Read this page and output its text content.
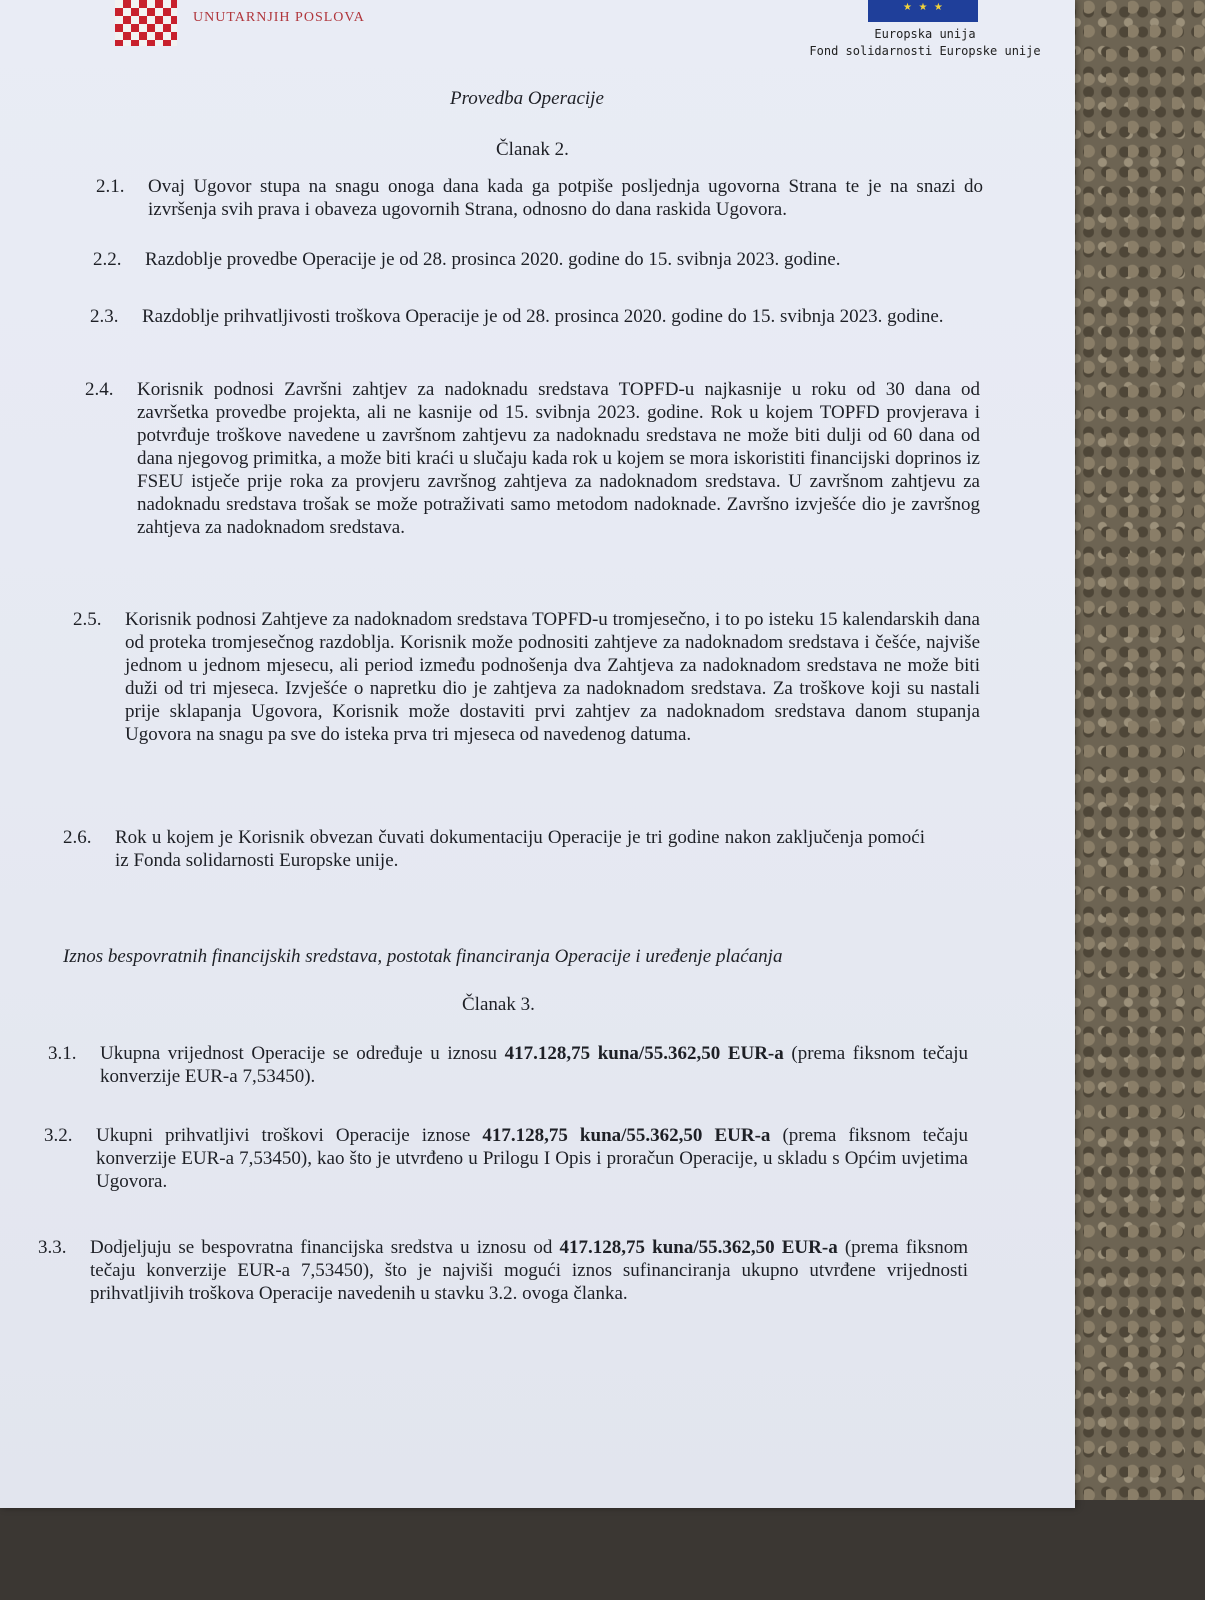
UNUTARNJIH POSLOVA
★ ★ ★
Europska unija
Fond solidarnosti Europske unije
Provedba Operacije
Članak 2.
2.1. Ovaj Ugovor stupa na snagu onoga dana kada ga potpiše posljednja ugovorna Strana te je na snazi do izvršenja svih prava i obaveza ugovornih Strana, odnosno do dana raskida Ugovora.
2.2. Razdoblje provedbe Operacije je od 28. prosinca 2020. godine do 15. svibnja 2023. godine.
2.3. Razdoblje prihvatljivosti troškova Operacije je od 28. prosinca 2020. godine do 15. svibnja 2023. godine.
2.4. Korisnik podnosi Završni zahtjev za nadoknadu sredstava TOPFD-u najkasnije u roku od 30 dana od završetka provedbe projekta, ali ne kasnije od 15. svibnja 2023. godine. Rok u kojem TOPFD provjerava i potvrđuje troškove navedene u završnom zahtjevu za nadoknadu sredstava ne može biti dulji od 60 dana od dana njegovog primitka, a može biti kraći u slučaju kada rok u kojem se mora iskoristiti financijski doprinos iz FSEU istječe prije roka za provjeru završnog zahtjeva za nadoknadom sredstava. U završnom zahtjevu za nadoknadu sredstava trošak se može potraživati samo metodom nadoknade. Završno izvješće dio je završnog zahtjeva za nadoknadom sredstava.
2.5. Korisnik podnosi Zahtjeve za nadoknadom sredstava TOPFD-u tromjesečno, i to po isteku 15 kalendarskih dana od proteka tromjesečnog razdoblja. Korisnik može podnositi zahtjeve za nadoknadom sredstava i češće, najviše jednom u jednom mjesecu, ali period između podnošenja dva Zahtjeva za nadoknadom sredstava ne može biti duži od tri mjeseca. Izvješće o napretku dio je zahtjeva za nadoknadom sredstava. Za troškove koji su nastali prije sklapanja Ugovora, Korisnik može dostaviti prvi zahtjev za nadoknadom sredstava danom stupanja Ugovora na snagu pa sve do isteka prva tri mjeseca od navedenog datuma.
2.6. Rok u kojem je Korisnik obvezan čuvati dokumentaciju Operacije je tri godine nakon zaključenja pomoći iz Fonda solidarnosti Europske unije.
Iznos bespovratnih financijskih sredstava, postotak financiranja Operacije i uređenje plaćanja
Članak 3.
3.1. Ukupna vrijednost Operacije se određuje u iznosu 417.128,75 kuna/55.362,50 EUR-a (prema fiksnom tečaju konverzije EUR-a 7,53450).
3.2. Ukupni prihvatljivi troškovi Operacije iznose 417.128,75 kuna/55.362,50 EUR-a (prema fiksnom tečaju konverzije EUR-a 7,53450), kao što je utvrđeno u Prilogu I Opis i proračun Operacije, u skladu s Općim uvjetima Ugovora.
3.3. Dodjeljuju se bespovratna financijska sredstva u iznosu od 417.128,75 kuna/55.362,50 EUR-a (prema fiksnom tečaju konverzije EUR-a 7,53450), što je najviši mogući iznos sufinanciranja ukupno utvrđene vrijednosti prihvatljivih troškova Operacije navedenih u stavku 3.2. ovoga članka.
